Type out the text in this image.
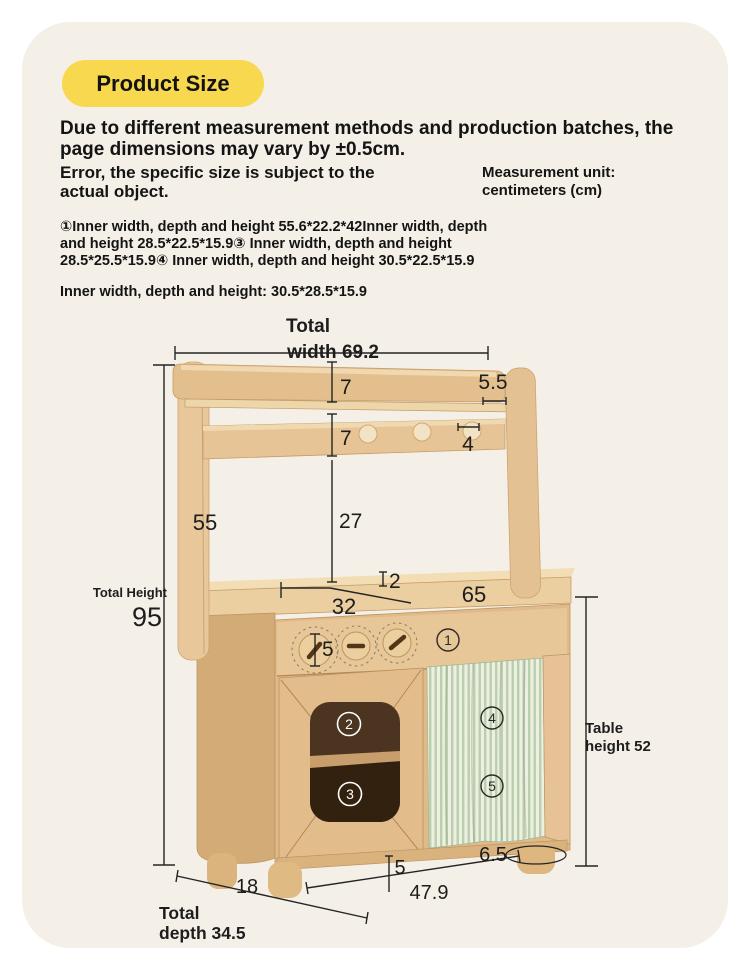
Product Size
Due to different measurement methods and production batches, the
page dimensions may vary by ±0.5cm.
Error, the specific size is subject to the
actual object.
Measurement unit:
centimeters (cm)
①Inner width, depth and height 55.6*22.2*42Inner width, depth
and height 28.5*22.5*15.9③ Inner width, depth and height
28.5*25.5*15.9④ Inner width, depth and height 30.5*22.5*15.9
Inner width, depth and height: 30.5*28.5*15.9
Total
width 69.2
7
7
27
5.5
4
55
Total Height
95
2
32	65
5
Table
height 52
18
Total
depth 34.5
47.9
5
6.5
1
2
3
4
5
